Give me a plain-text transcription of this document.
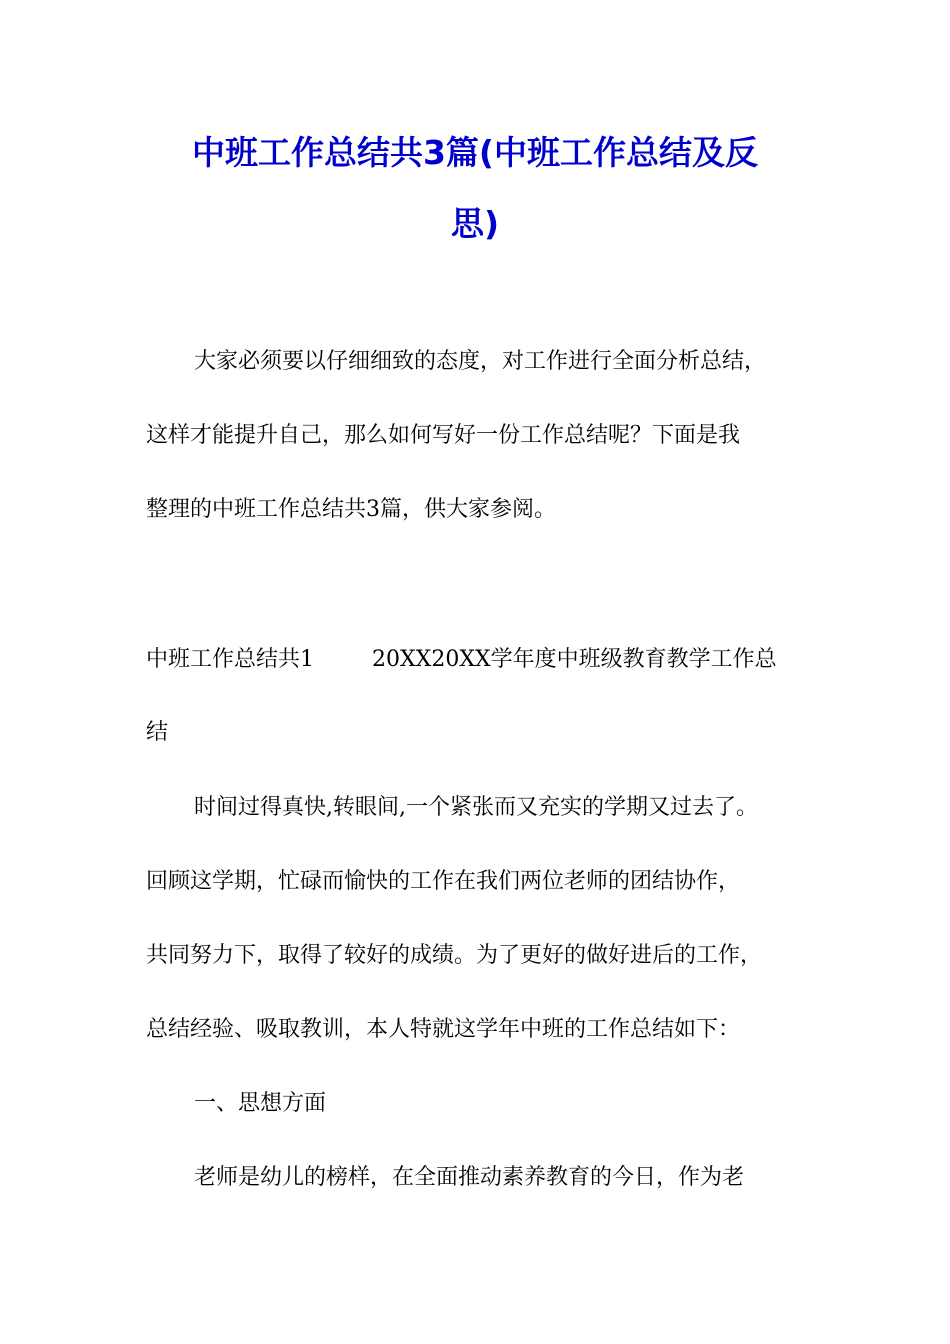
中班工作总结共3篇(中班工作总结及反
思)
大家必须要以仔细细致的态度，对工作进行全面分析总结，
这样才能提升自己，那么如何写好一份工作总结呢？下面是我
整理的中班工作总结共3篇，供大家参阅。
中班工作总结共1	20XX20XX学年度中班级教育教学工作总
结
时间过得真快,转眼间,一个紧张而又充实的学期又过去了。
回顾这学期，忙碌而愉快的工作在我们两位老师的团结协作，
共同努力下，取得了较好的成绩。为了更好的做好进后的工作，
总结经验、吸取教训，本人特就这学年中班的工作总结如下：
一、思想方面
老师是幼儿的榜样，在全面推动素养教育的今日，作为老
